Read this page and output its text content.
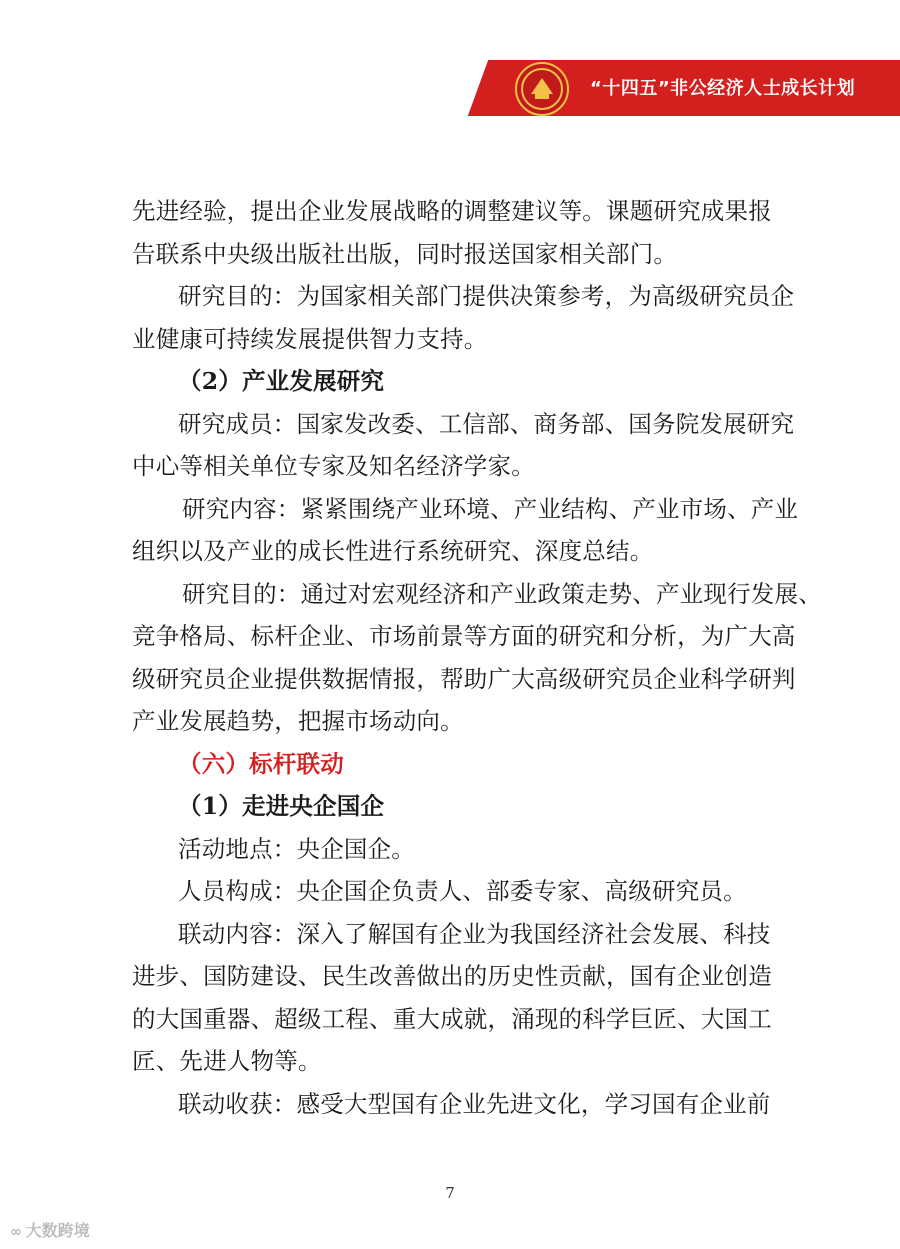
“十四五”非公经济人士成长计划
先进经验，提出企业发展战略的调整建议等。课题研究成果报
告联系中央级出版社出版，同时报送国家相关部门。
研究目的：为国家相关部门提供决策参考，为高级研究员企
业健康可持续发展提供智力支持。
（2）产业发展研究
研究成员：国家发改委、工信部、商务部、国务院发展研究
中心等相关单位专家及知名经济学家。
研究内容：紧紧围绕产业环境、产业结构、产业市场、产业
组织以及产业的成长性进行系统研究、深度总结。
研究目的：通过对宏观经济和产业政策走势、产业现行发展、
竞争格局、标杆企业、市场前景等方面的研究和分析，为广大高
级研究员企业提供数据情报，帮助广大高级研究员企业科学研判
产业发展趋势，把握市场动向。
（六）标杆联动
（1）走进央企国企
活动地点：央企国企。
人员构成：央企国企负责人、部委专家、高级研究员。
联动内容：深入了解国有企业为我国经济社会发展、科技
进步、国防建设、民生改善做出的历史性贡献，国有企业创造
的大国重器、超级工程、重大成就，涌现的科学巨匠、大国工
匠、先进人物等。
联动收获：感受大型国有企业先进文化，学习国有企业前
7
∞ 大数跨境
